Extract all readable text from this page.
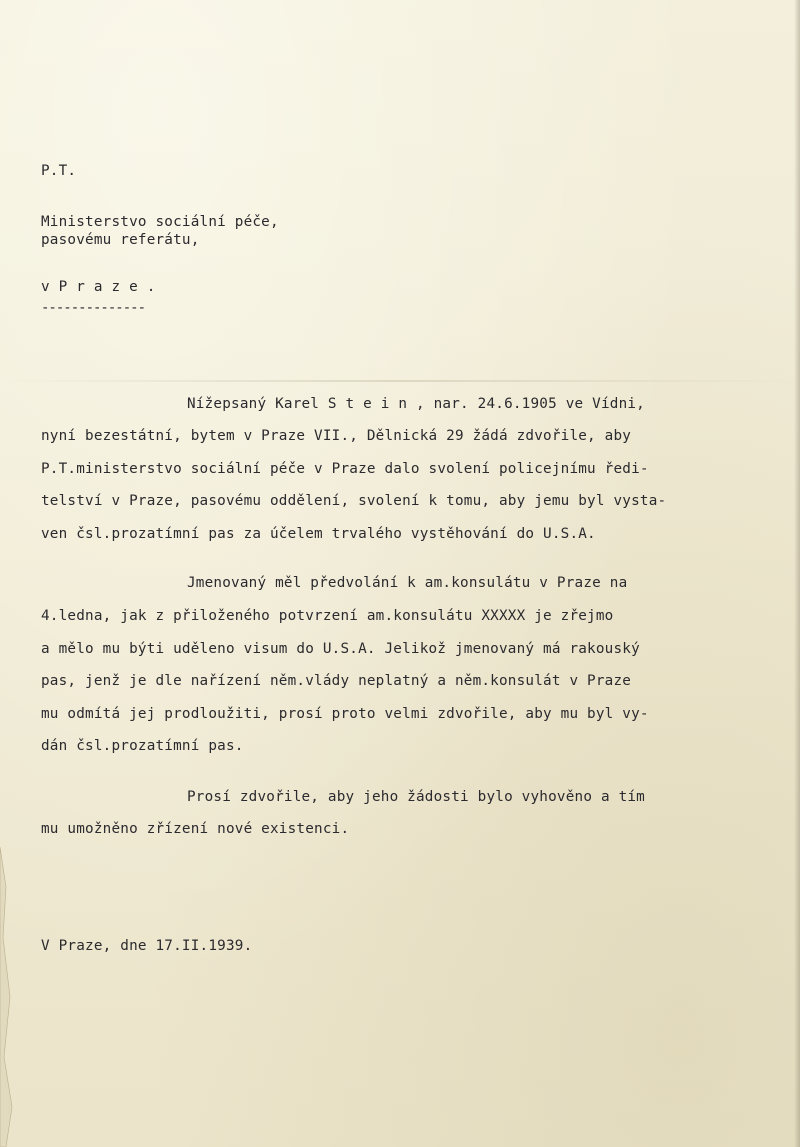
P.T.
Ministerstvo sociální péče,
pasovému referátu,
v P r a z e .
--------------
Nížepsaný Karel S t e i n , nar. 24.6.1905 ve Vídni,
nyní bezestátní, bytem v Praze VII., Dělnická 29 žádá zdvořile, aby
P.T.ministerstvo sociální péče v Praze dalo svolení policejnímu ředi-
telství v Praze, pasovému oddělení, svolení k tomu, aby jemu byl vysta-
ven čsl.prozatímní pas za účelem trvalého vystěhování do U.S.A.
Jmenovaný měl předvolání k am.konsulátu v Praze na
4.ledna, jak z přiloženého potvrzení am.konsulátu XXXXX je zřejmo
a mělo mu býti uděleno visum do U.S.A. Jelikož jmenovaný má rakouský
pas, jenž je dle nařízení něm.vlády neplatný a něm.konsulát v Praze
mu odmítá jej prodloužiti, prosí proto velmi zdvořile, aby mu byl vy-
dán čsl.prozatímní pas.
Prosí zdvořile, aby jeho žádosti bylo vyhověno a tím
mu umožněno zřízení nové existenci.
V Praze, dne 17.II.1939.
